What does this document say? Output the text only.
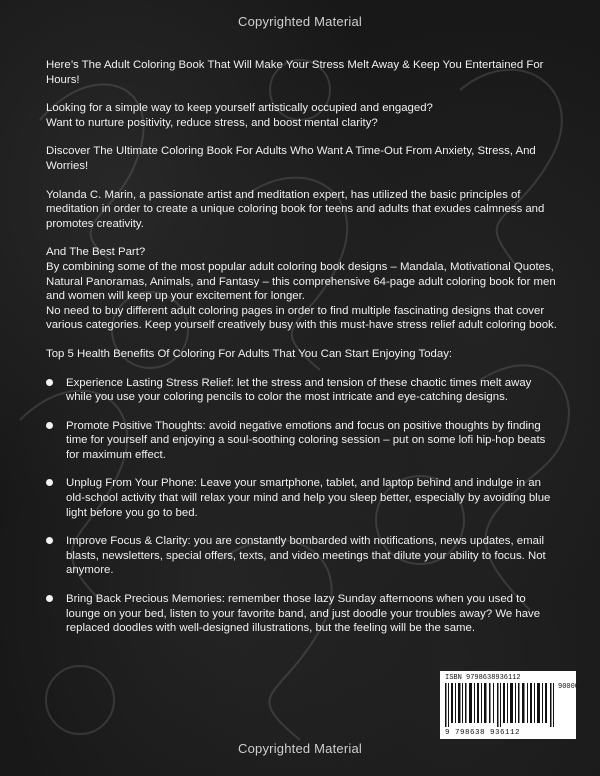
Copyrighted Material

Here’s The Adult Coloring Book That Will Make Your Stress Melt Away & Keep You Entertained For Hours!

Looking for a simple way to keep yourself artistically occupied and engaged?

Want to nurture positivity, reduce stress, and boost mental clarity?

Discover The Ultimate Coloring Book For Adults Who Want A Time-Out From Anxiety, Stress, And Worries!

Yolanda C. Marin, a passionate artist and meditation expert, has utilized the basic principles of meditation in order to create a unique coloring book for teens and adults that exudes calmness and promotes creativity.

And The Best Part?

By combining some of the most popular adult coloring book designs – Mandala, Motivational Quotes, Natural Panoramas, Animals, and Fantasy – this comprehensive 64-page adult coloring book for men and women will keep up your excitement for longer.

No need to buy different adult coloring pages in order to find multiple fascinating designs that cover various categories. Keep yourself creatively busy with this must-have stress relief adult coloring book.

Top 5 Health Benefits Of Coloring For Adults That You Can Start Enjoying Today:

Experience Lasting Stress Relief: let the stress and tension of these chaotic times melt away while you use your coloring pencils to color the most intricate and eye-catching designs.
Promote Positive Thoughts: avoid negative emotions and focus on positive thoughts by finding time for yourself and enjoying a soul-soothing coloring session – put on some lofi hip-hop beats for maximum effect.
Unplug From Your Phone: Leave your smartphone, tablet, and laptop behind and indulge in an old-school activity that will relax your mind and help you sleep better, especially by avoiding blue light before you go to bed.
Improve Focus & Clarity: you are constantly bombarded with notifications, news updates, email blasts, newsletters, special offers, texts, and video meetings that dilute your ability to focus. Not anymore.
Bring Back Precious Memories: remember those lazy Sunday afternoons when you used to lounge on your bed, listen to your favorite band, and just doodle your troubles away? We have replaced doodles with well-designed illustrations, but the feeling will be the same.
ISBN 9798638936112
90000
9 798638 936112
Copyrighted Material
